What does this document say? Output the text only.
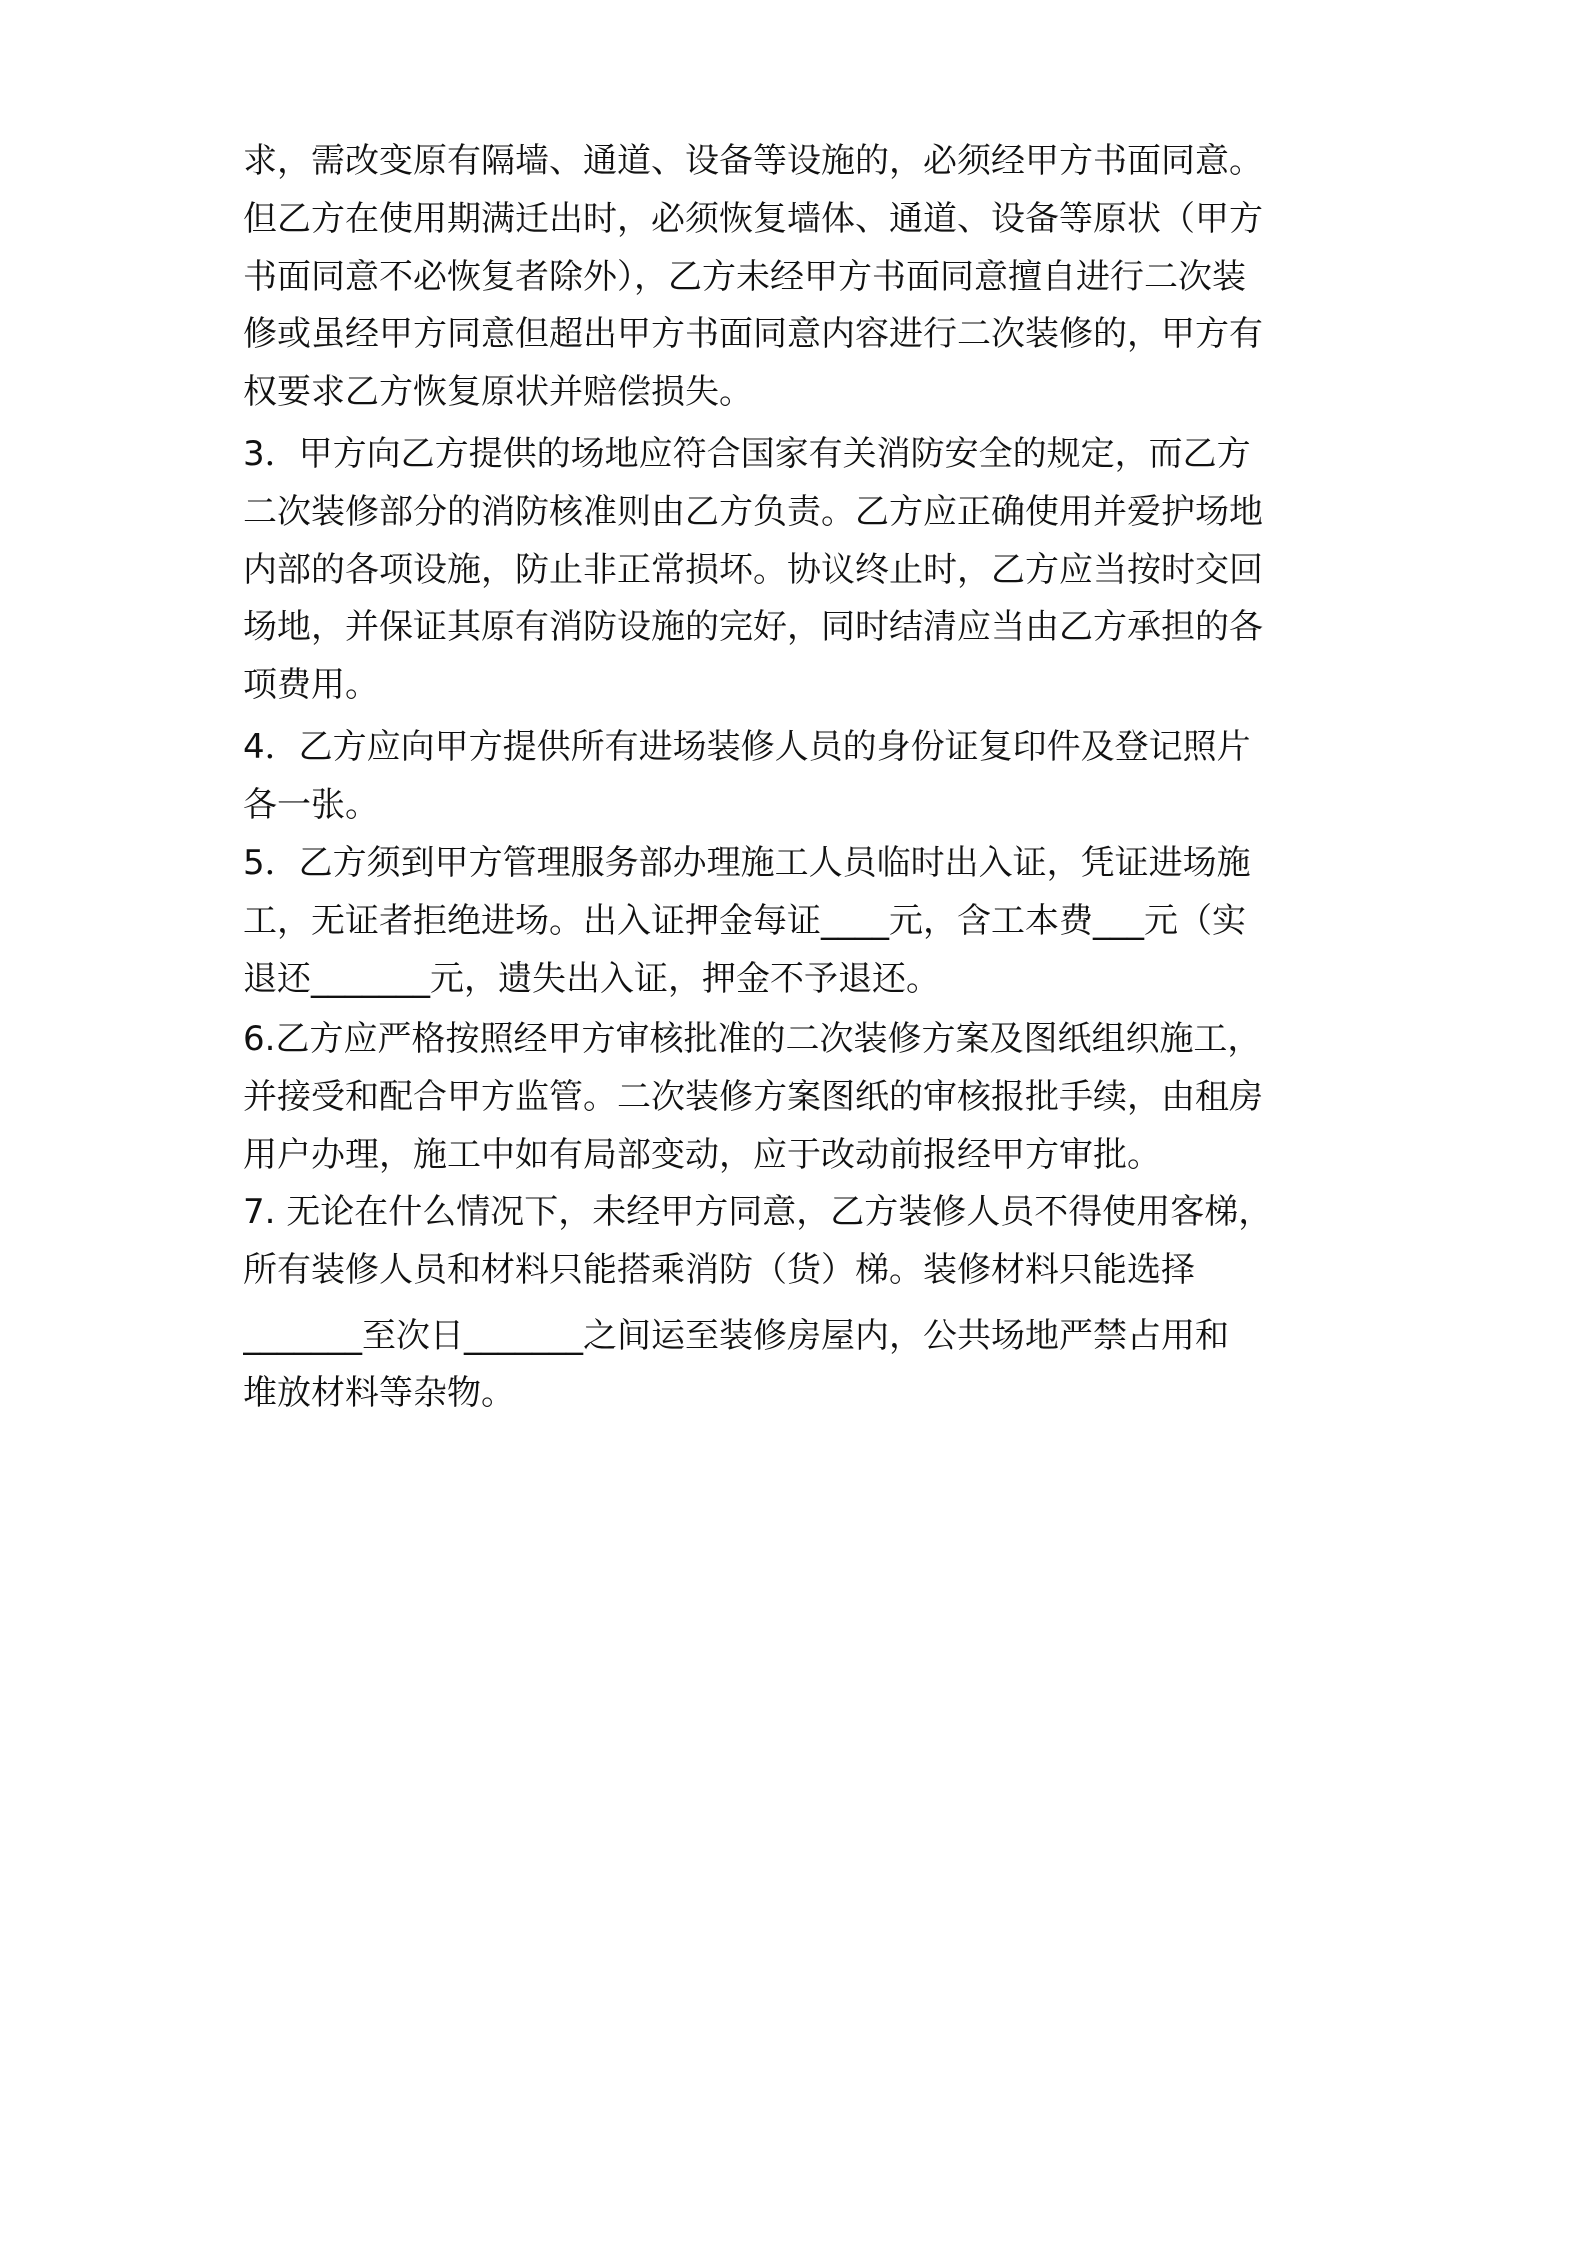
求，需改变原有隔墙、通道、设备等设施的，必须经甲方书面同意。
但乙方在使用期满迁出时，必须恢复墙体、通道、设备等原状（甲方
书面同意不必恢复者除外），乙方未经甲方书面同意擅自进行二次装
修或虽经甲方同意但超出甲方书面同意内容进行二次装修的，甲方有
权要求乙方恢复原状并赔偿损失。
3．甲方向乙方提供的场地应符合国家有关消防安全的规定，而乙方
二次装修部分的消防核准则由乙方负责。乙方应正确使用并爱护场地
内部的各项设施，防止非正常损坏。协议终止时，乙方应当按时交回
场地，并保证其原有消防设施的完好，同时结清应当由乙方承担的各
项费用。
4．乙方应向甲方提供所有进场装修人员的身份证复印件及登记照片
各一张。
5．乙方须到甲方管理服务部办理施工人员临时出入证，凭证进场施
工，无证者拒绝进场。出入证押金每证____元，含工本费___元（实
退还_______元，遗失出入证，押金不予退还。
6.乙方应严格按照经甲方审核批准的二次装修方案及图纸组织施工，
并接受和配合甲方监管。二次装修方案图纸的审核报批手续，由租房
用户办理，施工中如有局部变动，应于改动前报经甲方审批。
7. 无论在什么情况下，未经甲方同意，乙方装修人员不得使用客梯，
所有装修人员和材料只能搭乘消防（货）梯。装修材料只能选择
_______至次日_______之间运至装修房屋内，公共场地严禁占用和
堆放材料等杂物。
